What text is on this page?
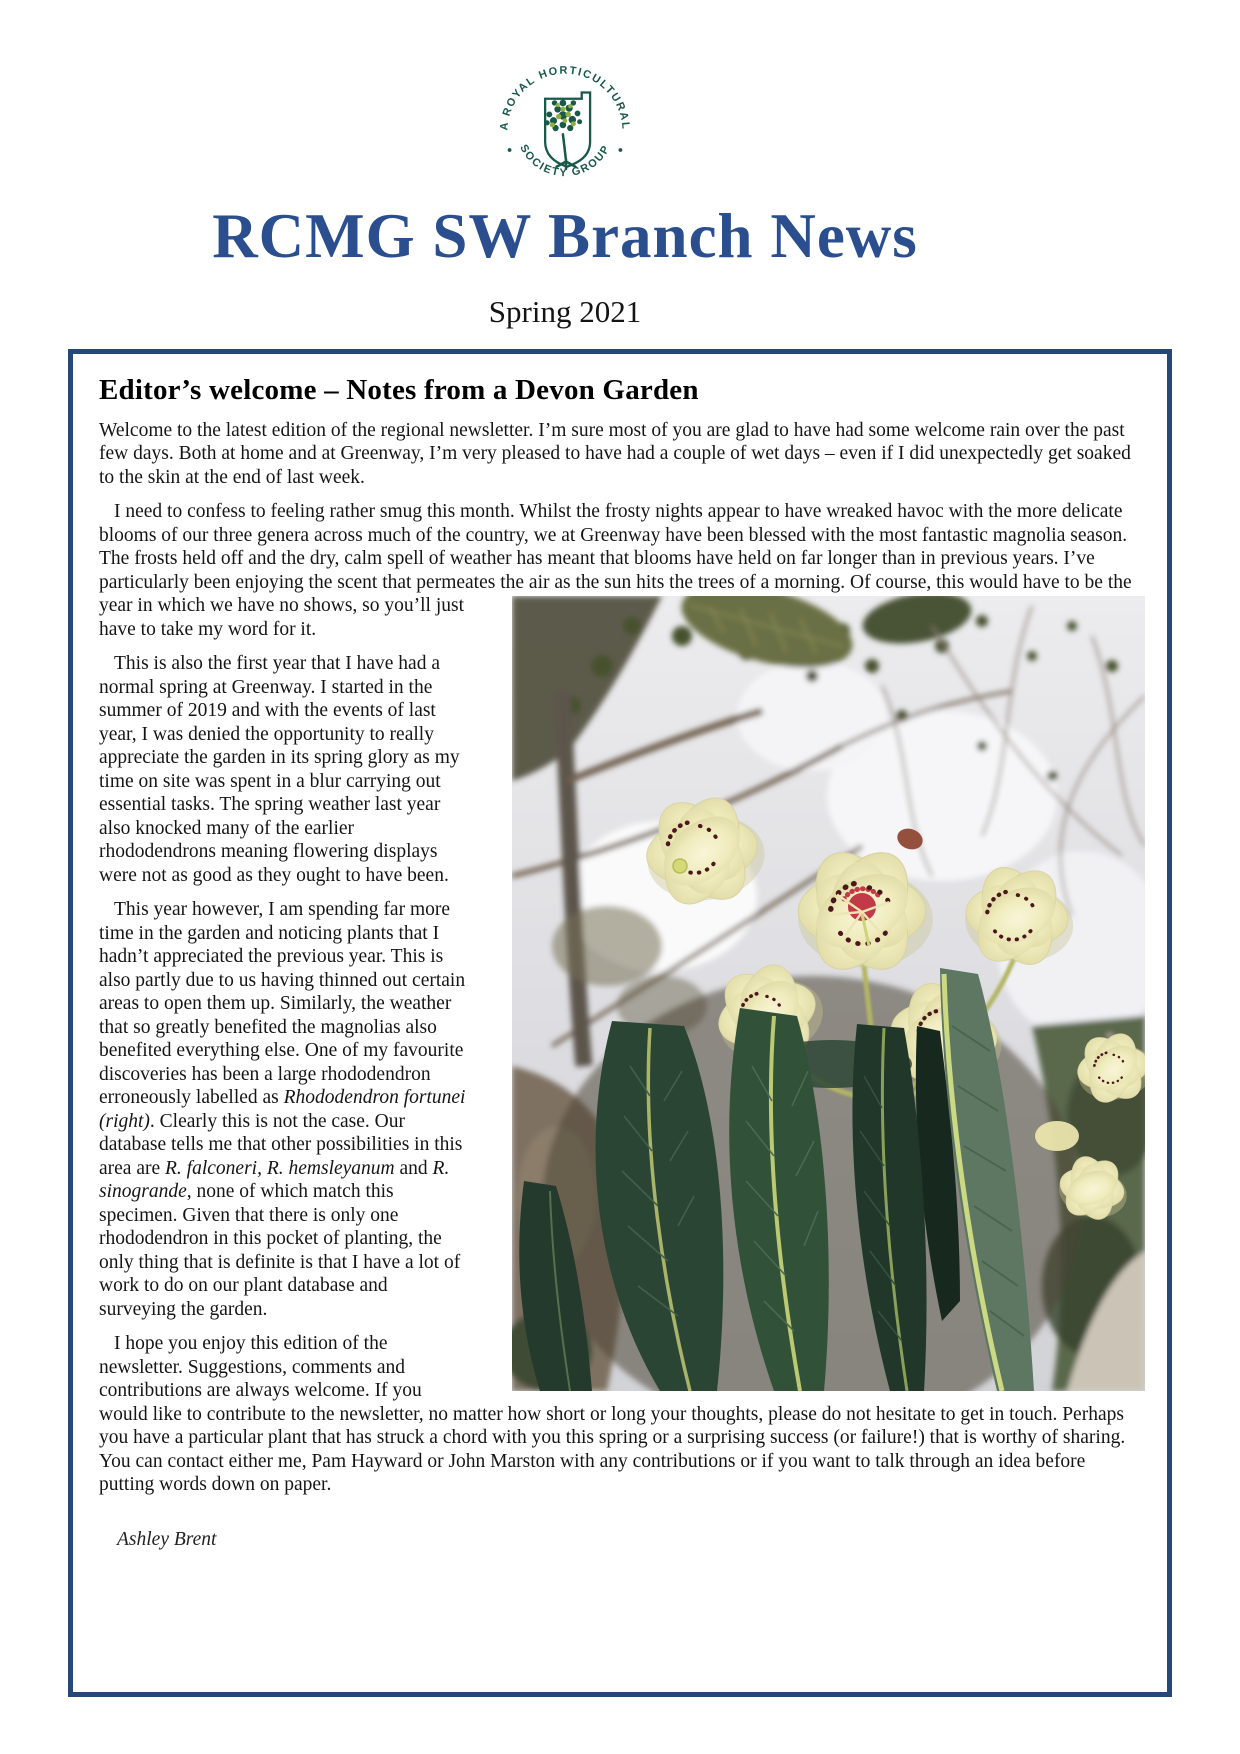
A ROYAL HORTICULTURAL
SOCIETY GROUP
RCMG SW Branch News
Spring 2021
Editor’s welcome – Notes from a Devon Garden

Welcome to the latest edition of the regional newsletter. I’m sure most of you are glad to have had some welcome rain over the past few days. Both at home and at Greenway, I’m very pleased to have had a couple of wet days – even if I did unexpectedly get soaked to the skin at the end of last week.

I need to confess to feeling rather smug this month. Whilst the frosty nights appear to have wreaked havoc with the more delicate blooms of our three genera across much of the country, we at Greenway have been blessed with the most fantastic magnolia season. The frosts held off and the dry, calm spell of weather has meant that blooms have held on far longer than in previous years. I’ve particularly been enjoying the scent that permeates the air as the sun hits the trees of a
morning. Of course, this would have to be the year in which we have no shows, so you’ll just have to take my word for it.

This is also the first year that I have had a normal spring at Greenway. I started in the summer of 2019 and with the events of last year, I was denied the opportunity to really appreciate the garden in its spring glory as my time on site was spent in a blur carrying out essential tasks. The spring weather last year also knocked many of the earlier rhododendrons meaning flowering displays were not as good as they ought to have been.

This year however, I am spending far more time in the garden and noticing plants that I hadn’t appreciated the previous year. This is also partly due to us having thinned out certain areas to open them up. Similarly, the weather that so greatly benefited the magnolias also benefited everything else. One of my favourite discoveries has been a large rhododendron erroneously labelled as Rhododendron fortunei (right). Clearly this is not the case. Our database tells me that other possibilities in this area are R. falconeri, R. hemsleyanum and R. sinogrande, none of which match this specimen. Given that there is only one rhododendron in this pocket of planting, the only thing that is definite is that I have a lot of work to do on our plant database and surveying the garden.

I hope you enjoy this edition of the newsletter. Suggestions, comments and contributions are always welcome. If you would like to contribute to the newsletter, no matter how short or long your thoughts, please do not hesitate to get in touch. Perhaps you have a particular plant that has struck a chord with you this spring or a surprising success (or failure!) that is worthy of sharing. You can contact either me, Pam Hayward or John Marston with any contributions or if you want to talk through an idea before putting words down on paper.

Ashley Brent
